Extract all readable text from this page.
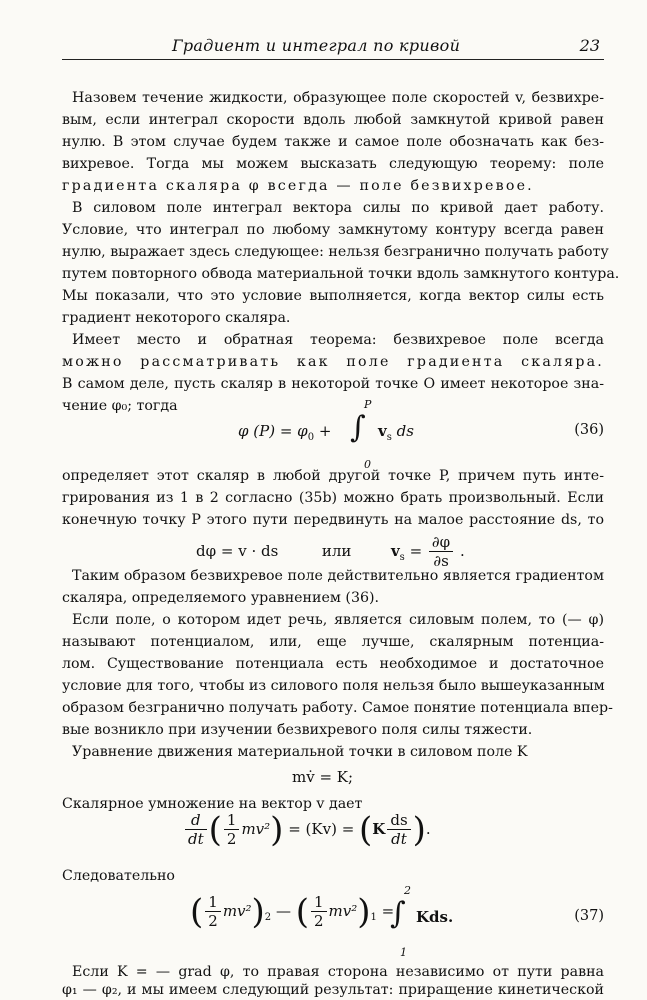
Градиент и интеграл по кривой	23
Назовем течение жидкости, образующее поле скоростей v, безвихре-
вым, если интеграл скорости вдоль любой замкнутой кривой равен
нулю. В этом случае будем также и самое поле обозначать как без-
вихревое. Тогда мы можем высказать следующую теорему: поле
градиента скаляра φ всегда — поле безвихревое.
В силовом поле интеграл вектора силы по кривой дает работу.
Условие, что интеграл по любому замкнутому контуру всегда равен
нулю, выражает здесь следующее: нельзя безгранично получать работу
путем повторного обвода материальной точки вдоль замкнутого контура.
Мы показали, что это условие выполняется, когда вектор силы есть
градиент некоторого скаляра.
Имеет место и обратная теорема: безвихревое поле всегда
можно рассматривать как поле градиента скаляра.
В самом деле, пусть скаляр в некоторой точке O имеет некоторое зна-
чение φ₀; тогда
φ $(P) = \varphi_0$ +
P
∫
0
$v_s$ ds	(36)
определяет этот скаляр в любой другой точке P, причем путь инте-
грирования из 1 в 2 согласно (35b) можно брать произвольный. Если
конечную точку P этого пути передвинуть на малое расстояние ds, то
dφ = v · ds	или	$v_s = \frac{\partial\varphi}{\partial s}$ .
Таким образом безвихревое поле действительно является градиентом
скаляра, определяемого уравнением (36).
Если поле, о котором идет речь, является силовым полем, то (— φ)
называют потенциалом, или, еще лучше, скалярным потенциа-
лом. Существование потенциала есть необходимое и достаточное
условие для того, чтобы из силового поля нельзя было вышеуказанным
образом безгранично получать работу. Самое понятие потенциала впер-
вые возникло при изучении безвихревого поля силы тяжести.
Уравнение движения материальной точки в силовом поле K
mv̇ = K;
Скалярное умножение на вектор v дает
$\frac{d}{dt}$ ( $\frac{1}{2} mv^2) = (Kv) = (K \frac{ds}{dt}$ ).
Следовательно
( $\frac{1}{2} mv^2)_2$ — ( $\frac{1}{2} mv^2)_1$ =
2
∫
1
Kds.	(37)
Если K = — grad φ, то правая сторона независимо от пути равна
φ₁ — φ₂, и мы имеем следующий результат: приращение кинетической
